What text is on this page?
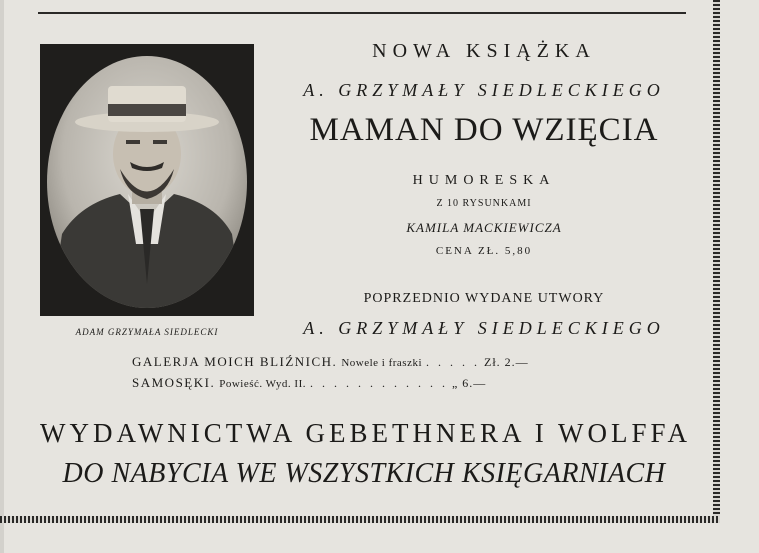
ADAM GRZYMAŁA SIEDLECKI
NOWA KSIĄŻKA
A. GRZYMAŁY SIEDLECKIEGO
MAMAN DO WZIĘCIA
HUMORESKA
Z 10 RYSUNKAMI
KAMILA MACKIEWICZA
CENA ZŁ. 5,80
POPRZEDNIO WYDANE UTWORY
A. GRZYMAŁY SIEDLECKIEGO
GALERJA MOICH BLIŹNICH. Nowele i fraszki . . . . . Zł. 2.—
SAMOSĘKI. Powieść. Wyd. II. . . . . . . . . . . . . „ 6.—
WYDAWNICTWA GEBETHNERA I WOLFFA
DO NABYCIA WE WSZYSTKICH KSIĘGARNIACH
